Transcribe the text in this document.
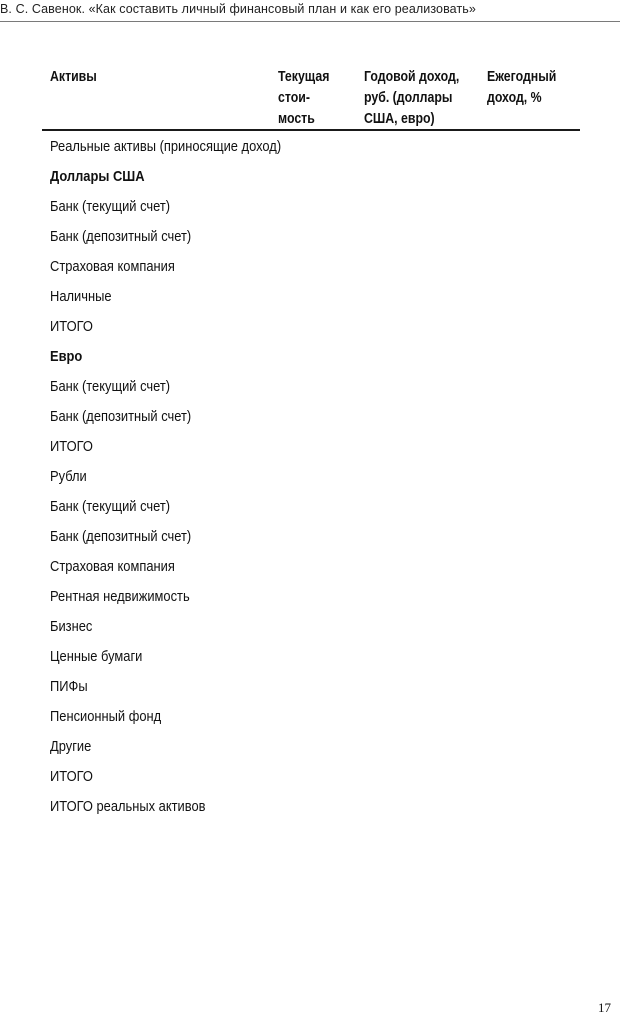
В. С. Савенок. «Как составить личный финансовый план и как его реализовать»
Активы	Текущая
стои-
мость
Годовой доход,
руб. (доллары
США, евро)
Ежегодный
доход, %
Реальные активы (приносящие доход)
Доллары США
Банк (текущий счет)
Банк (депозитный счет)
Страховая компания
Наличные
ИТОГО
Евро
Банк (текущий счет)
Банк (депозитный счет)
ИТОГО
Рубли
Банк (текущий счет)
Банк (депозитный счет)
Страховая компания
Рентная недвижимость
Бизнес
Ценные бумаги
ПИФы
Пенсионный фонд
Другие
ИТОГО
ИТОГО реальных активов
17
